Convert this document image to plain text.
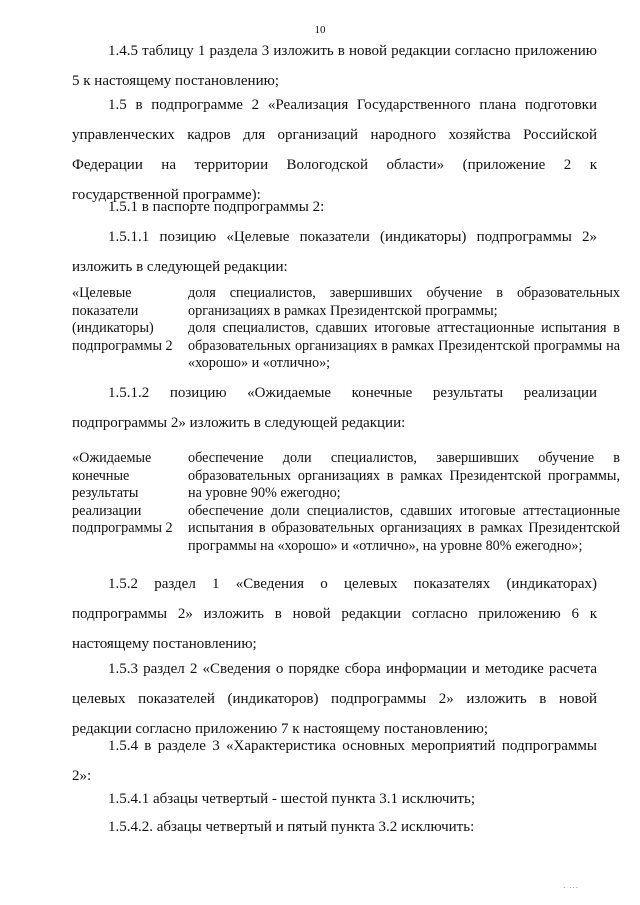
10

1.4.5 таблицу 1 раздела 3 изложить в новой редакции согласно приложению 5 к настоящему постановлению;

1.5 в подпрограмме 2 «Реализация Государственного плана подготовки управленческих кадров для организаций народного хозяйства Российской Федерации на территории Вологодской области» (приложение 2 к государственной программе):

1.5.1 в паспорте подпрограммы 2:

1.5.1.1 позицию «Целевые показатели (индикаторы) подпрограммы 2» изложить в следующей редакции:

«Целевые показатели (индикаторы) подпрограммы 2
доля специалистов, завершивших обучение в образовательных организациях в рамках Президентской программы;
доля специалистов, сдавших итоговые аттестационные испытания в образовательных организациях в рамках Президентской программы на «хорошо» и «отлично»;

1.5.1.2 позицию «Ожидаемые конечные результаты реализации подпрограммы 2» изложить в следующей редакции:

«Ожидаемые конечные результаты реализации подпрограммы 2
обеспечение доли специалистов, завершивших обучение в образовательных организациях в рамках Президентской программы, на уровне 90% ежегодно;
обеспечение доли специалистов, сдавших итоговые аттестационные испытания в образовательных организациях в рамках Президентской программы на «хорошо» и «отлично», на уровне 80% ежегодно»;

1.5.2 раздел 1 «Сведения о целевых показателях (индикаторах) подпрограммы 2» изложить в новой редакции согласно приложению 6 к настоящему постановлению;

1.5.3 раздел 2 «Сведения о порядке сбора информации и методике расчета целевых показателей (индикаторов) подпрограммы 2» изложить в новой редакции согласно приложению 7 к настоящему постановлению;

1.5.4 в разделе 3 «Характеристика основных мероприятий подпрограммы 2»:

1.5.4.1 абзацы четвертый - шестой пункта 3.1 исключить;

1.5.4.2. абзацы четвертый и пятый пункта 3.2 исключить:

· ···
